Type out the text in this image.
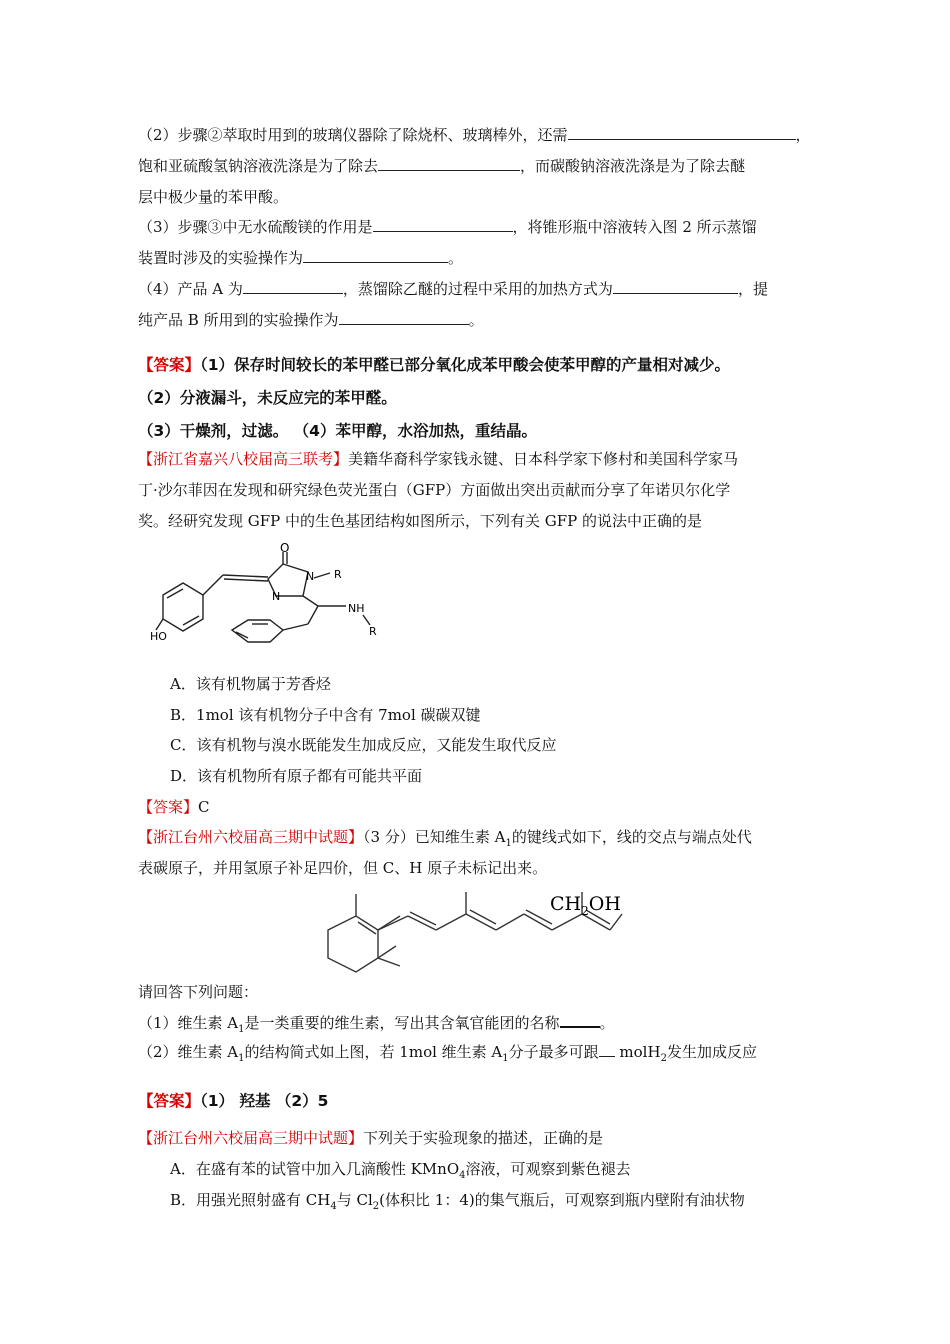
（2）步骤②萃取时用到的玻璃仪器除了除烧杯、玻璃棒外，还需	，
饱和亚硫酸氢钠溶液洗涤是为了除去	，而碳酸钠溶液洗涤是为了除去醚
层中极少量的苯甲酸。
（3）步骤③中无水硫酸镁的作用是	，将锥形瓶中溶液转入图 2 所示蒸馏
装置时涉及的实验操作为	。
（4）产品 A 为	，蒸馏除乙醚的过程中采用的加热方式为	，提
纯产品 B 所用到的实验操作为	。
【答案】（1）保存时间较长的苯甲醛已部分氧化成苯甲酸会使苯甲醇的产量相对减少。
（2）分液漏斗，未反应完的苯甲醛。
（3）干燥剂，过滤。 （4）苯甲醇，水浴加热，重结晶。
【浙江省嘉兴八校届高三联考】美籍华裔科学家钱永键、日本科学家下修村和美国科学家马
丁·沙尔菲因在发现和研究绿色荧光蛋白（GFP）方面做出突出贡献而分享了年诺贝尔化学
奖。经研究发现 GFP 中的生色基团结构如图所示，下列有关 GFP 的说法中正确的是
O
N R
N
NH
R
HO
A．该有机物属于芳香烃
B．1mol 该有机物分子中含有 7mol 碳碳双键
C．该有机物与溴水既能发生加成反应，又能发生取代反应
D．该有机物所有原子都有可能共平面
【答案】C
【浙江台州六校届高三期中试题】（3 分）已知维生素 $A_1$的键线式如下，线的交点与端点处代
表碳原子，并用氢原子补足四价，但 C、H 原子未标记出来。
$CH_2OH$
请回答下列问题：
（1）维生素 $A_1$是一类重要的维生素，写出其含氧官能团的名称	。
（2）维生素 $A_1$的结构简式如上图，若 1mol 维生素 $A_1$分子最多可跟 molH$_2$发生加成反应
【答案】（1） 羟基 （2）5
【浙江台州六校届高三期中试题】下列关于实验现象的描述，正确的是
A．在盛有苯的试管中加入几滴酸性 KMnO$_4$溶液，可观察到紫色褪去
B．用强光照射盛有 $CH_4$与 $Cl_2$(体积比 1：4)的集气瓶后，可观察到瓶内壁附有油状物
